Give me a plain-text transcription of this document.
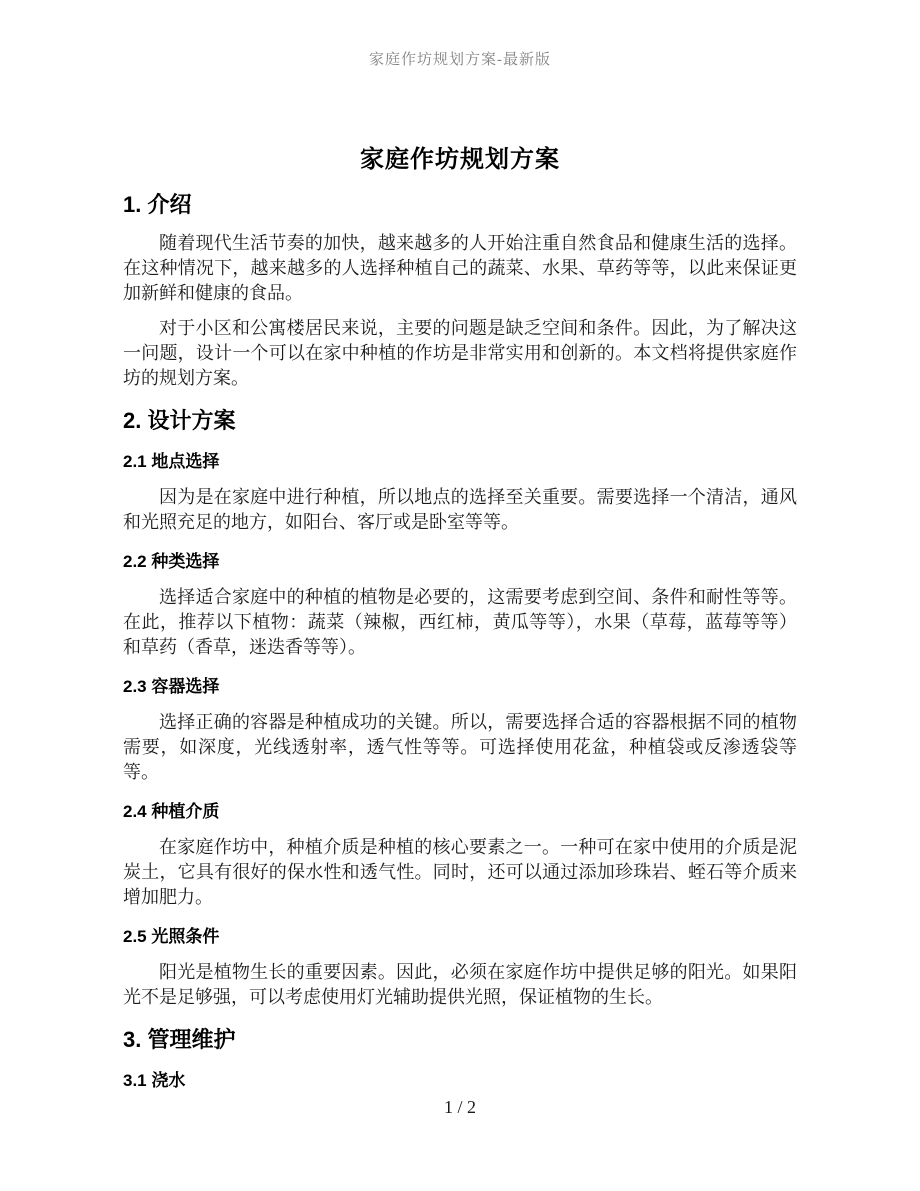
家庭作坊规划方案-最新版
家庭作坊规划方案
1. 介绍

随着现代生活节奏的加快，越来越多的人开始注重自然食品和健康生活的选择。在这种情况下，越来越多的人选择种植自己的蔬菜、水果、草药等等，以此来保证更加新鲜和健康的食品。

对于小区和公寓楼居民来说，主要的问题是缺乏空间和条件。因此，为了解决这一问题，设计一个可以在家中种植的作坊是非常实用和创新的。本文档将提供家庭作坊的规划方案。

2. 设计方案
2.1 地点选择

因为是在家庭中进行种植，所以地点的选择至关重要。需要选择一个清洁，通风和光照充足的地方，如阳台、客厅或是卧室等等。

2.2 种类选择

选择适合家庭中的种植的植物是必要的，这需要考虑到空间、条件和耐性等等。在此，推荐以下植物：蔬菜（辣椒，西红柿，黄瓜等等），水果（草莓，蓝莓等等）和草药（香草，迷迭香等等）。

2.3 容器选择

选择正确的容器是种植成功的关键。所以，需要选择合适的容器根据不同的植物需要，如深度，光线透射率，透气性等等。可选择使用花盆，种植袋或反渗透袋等等。

2.4 种植介质

在家庭作坊中，种植介质是种植的核心要素之一。一种可在家中使用的介质是泥炭土，它具有很好的保水性和透气性。同时，还可以通过添加珍珠岩、蛭石等介质来增加肥力。

2.5 光照条件

阳光是植物生长的重要因素。因此，必须在家庭作坊中提供足够的阳光。如果阳光不是足够强，可以考虑使用灯光辅助提供光照，保证植物的生长。

3. 管理维护
3.1 浇水
1 / 2
